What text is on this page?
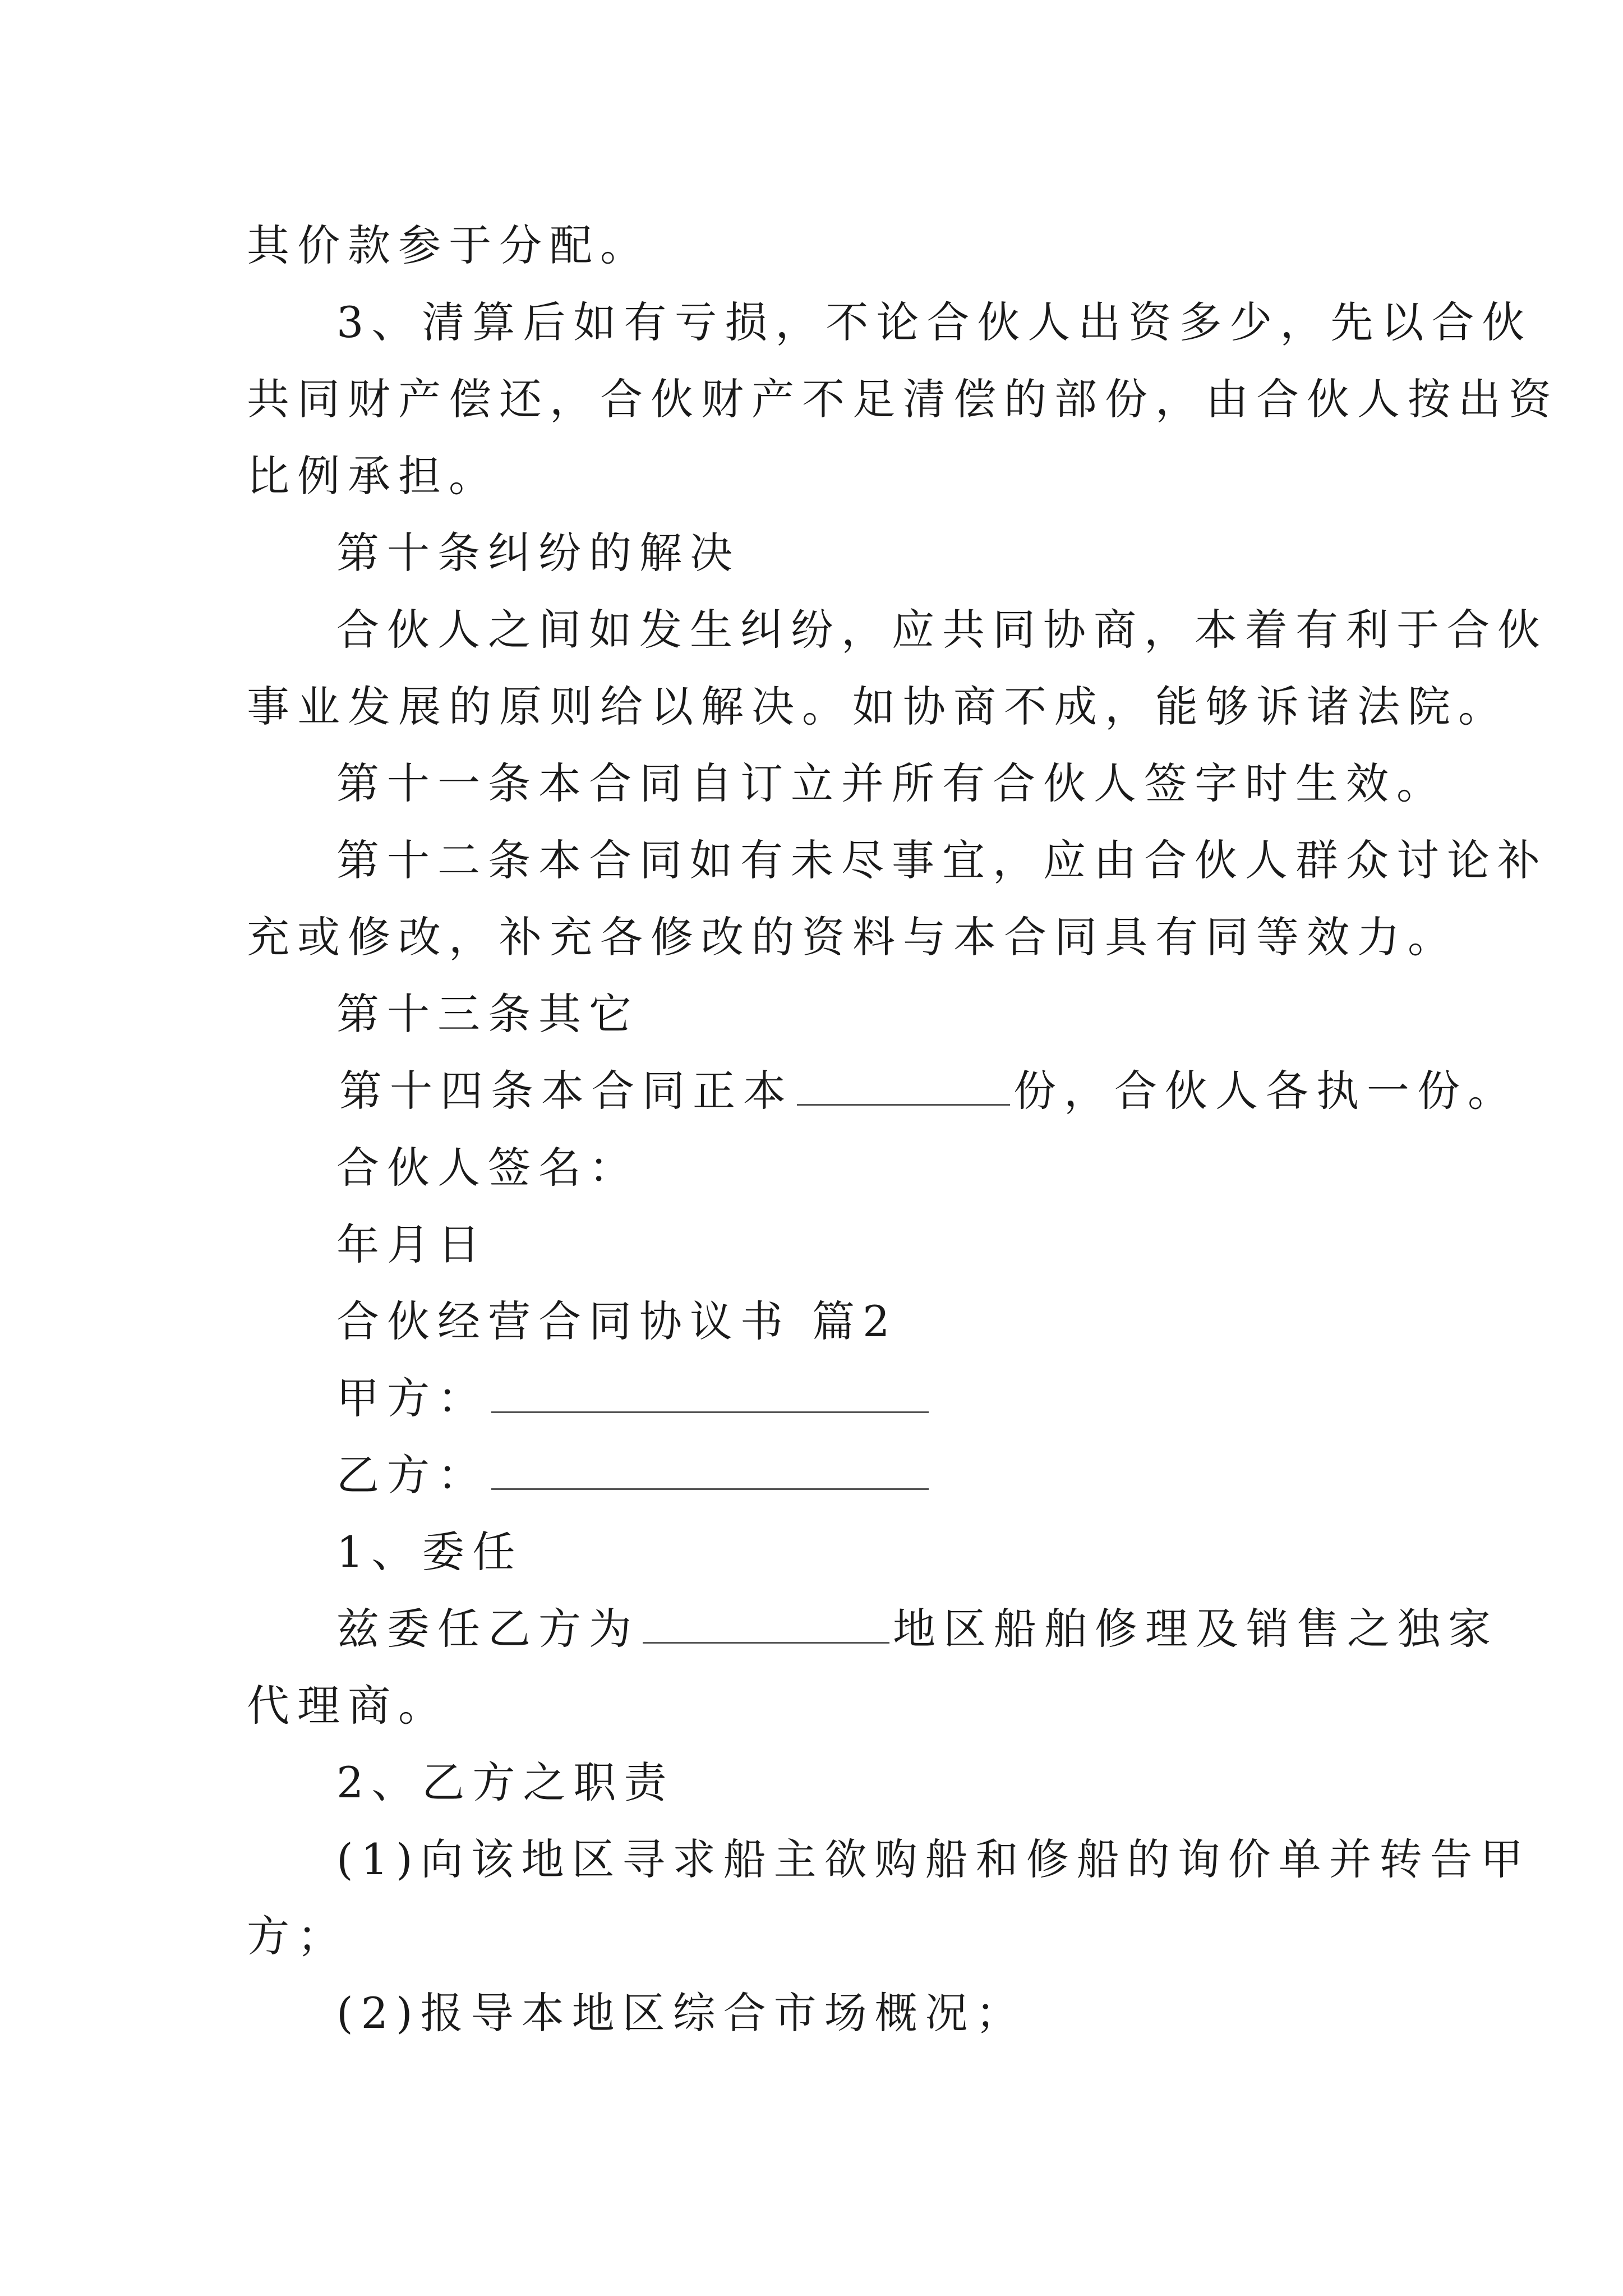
其价款参于分配。

3、清算后如有亏损，不论合伙人出资多少，先以合伙

共同财产偿还，合伙财产不足清偿的部份，由合伙人按出资

比例承担。

第十条纠纷的解决

合伙人之间如发生纠纷，应共同协商，本着有利于合伙

事业发展的原则给以解决。如协商不成，能够诉诸法院。

第十一条本合同自订立并所有合伙人签字时生效。

第十二条本合同如有未尽事宜，应由合伙人群众讨论补

充或修改，补充各修改的资料与本合同具有同等效力。

第十三条其它

第十四条本合同正本	份，合伙人各执一份。

合伙人签名：

年月日

合伙经营合同协议书 篇2

甲方：

乙方：

1、委任

兹委任乙方为	地区船舶修理及销售之独家

代理商。

2、乙方之职责

(1)向该地区寻求船主欲购船和修船的询价单并转告甲

方；

(2)报导本地区综合市场概况；
